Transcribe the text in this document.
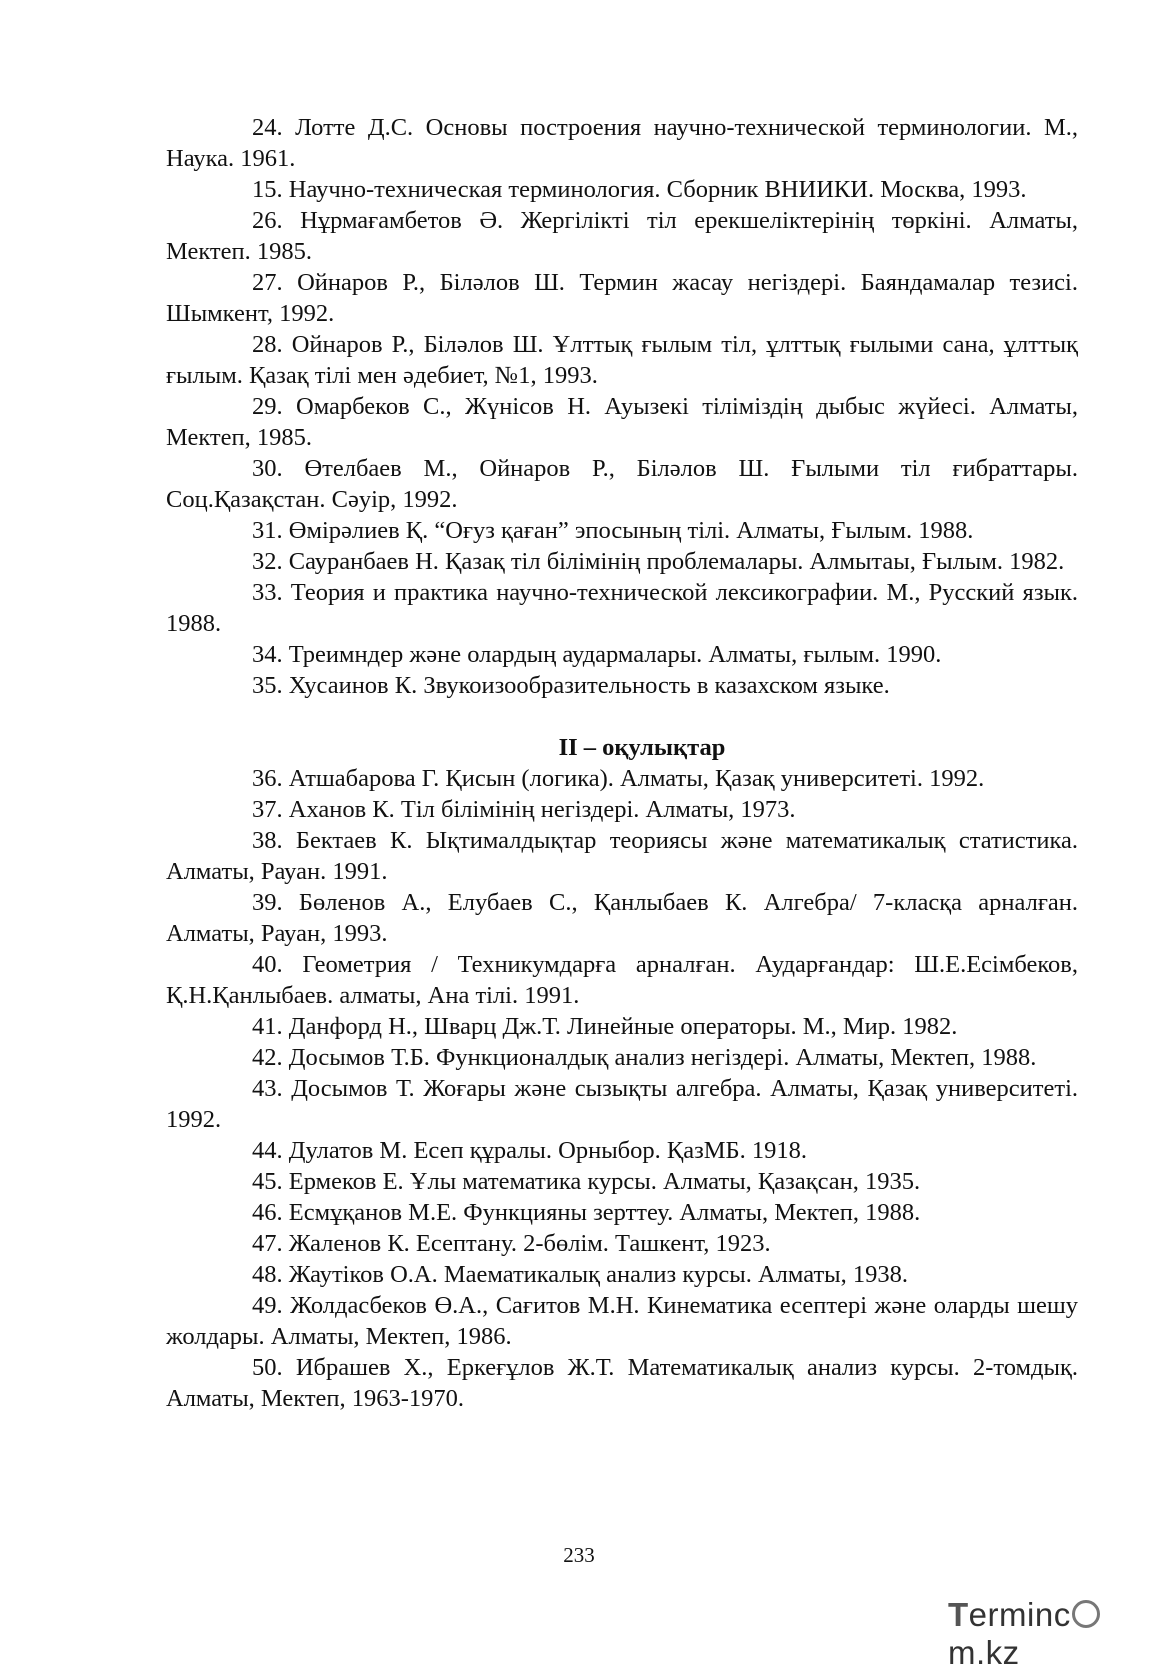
24. Лотте Д.С. Основы построения научно-технической терминологии. М., Наука. 1961.

15. Научно-техническая терминология. Сборник ВНИИКИ. Москва, 1993.

26. Нұрмағамбетов Ә. Жергілікті тіл ерекшеліктерінің төркіні. Алматы, Мектеп. 1985.

27. Ойнаров Р., Біләлов Ш. Термин жасау негіздері. Баяндамалар тезисі. Шымкент, 1992.

28. Ойнаров Р., Біләлов Ш. Ұлттық ғылым тіл, ұлттық ғылыми сана, ұлттық ғылым. Қазақ тілі мен әдебиет, №1, 1993.

29. Омарбеков С., Жүнісов Н. Ауызекі тіліміздің дыбыс жүйесі. Алматы, Мектеп, 1985.

30. Өтелбаев М., Ойнаров Р., Біләлов Ш. Ғылыми тіл ғибраттары. Соц.Қазақстан. Сәуір, 1992.

31. Өмірәлиев Қ. “Оғуз қаған” эпосының тілі. Алматы, Ғылым. 1988.

32. Сауранбаев Н. Қазақ тіл білімінің проблемалары. Алмытаы, Ғылым. 1982.

33. Теория и практика научно-технической лексикографии. М., Русский язык. 1988.

34. Треимндер және олардың аудармалары. Алматы, ғылым. 1990.

35. Хусаинов К. Звукоизообразительность в казахском языке.

II – оқулықтар

36. Атшабарова Г. Қисын (логика). Алматы, Қазақ университеті. 1992.

37. Аханов К. Тіл білімінің негіздері. Алматы, 1973.

38. Бектаев К. Ықтималдықтар теориясы және математикалық статистика. Алматы, Рауан. 1991.

39. Бөленов А., Елубаев С., Қанлыбаев К. Алгебра/ 7-класқа арналған. Алматы, Рауан, 1993.

40. Геометрия / Техникумдарға арналған. Аударғандар: Ш.Е.Есімбеков, Қ.Н.Қанлыбаев. алматы, Ана тілі. 1991.

41. Данфорд Н., Шварц Дж.Т. Линейные операторы. М., Мир. 1982.

42. Досымов Т.Б. Функционалдық анализ негіздері. Алматы, Мектеп, 1988.

43. Досымов Т. Жоғары және сызықты алгебра. Алматы, Қазақ университеті. 1992.

44. Дулатов М. Есеп құралы. Орныбор. ҚазМБ. 1918.

45. Ермеков Е. Ұлы математика курсы. Алматы, Қазақсан, 1935.

46. Есмұқанов М.Е. Функцияны зерттеу. Алматы, Мектеп, 1988.

47. Жаленов К. Есептану. 2-бөлім. Ташкент, 1923.

48. Жаутіков О.А. Маематикалық анализ курсы. Алматы, 1938.

49. Жолдасбеков Ө.А., Сағитов М.Н. Кинематика есептері және оларды шешу жолдары. Алматы, Мектеп, 1986.

50. Ибрашев Х., Еркеғұлов Ж.Т. Математикалық анализ курсы. 2-томдық. Алматы, Мектеп, 1963-1970.

233
Termincm.kz
